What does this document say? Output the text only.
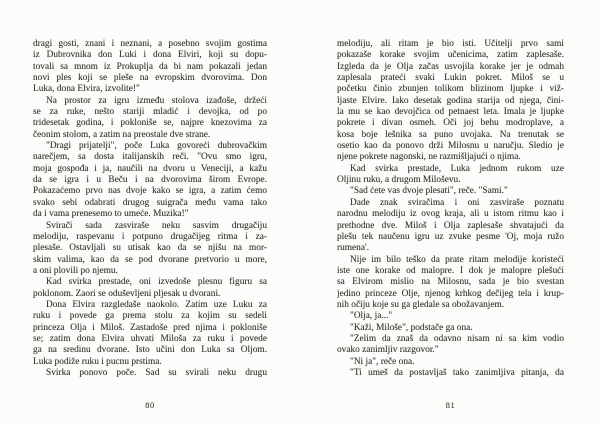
dragi gosti, znani i neznani, a posebno svojim gostima
iz Dubrovnika don Luki i dona Elviri, koji su dopu-
tovali sa mnom iz Prokuplja da bi nam pokazali jedan
novi ples koji se pleše na evropskim dvorovima. Don
Luka, dona Elvira, izvolite!"
Na prostor za igru između stolova izađoše, držeći
se za ruke, nešto stariji mladić i devojka, od po
tridesetak godina, i pokloniše se, najpre knezovima za
čeonim stolom, a zatim na preostale dve strane.
"Dragi prijatelji", poče Luka govoreći dubrovačkim
narečjem, sa dosta italijanskih reči. "Ovu smo igru,
moja gospođa i ja, naučili na dvoru u Veneciji, a kažu
da se igra i u Beču i na dvorovima širom Evrope.
Pokazaćemo prvo nas dvoje kako se igra, a zatim ćemo
svako sebi odabrati drugog suigrača među vama tako
da i vama prenesemo to umeće. Muzika!"
Svirači sada zasviraše neku sasvim drugačiju
melodiju, raspevanu i potpuno drugačijeg ritma i za-
plesaše. Ostavljali su utisak kao da se njišu na mor-
skim valima, kao da se pod dvorane pretvorio u more,
a oni plovili po njemu.
Kad svirka prestade, oni izvedoše plesnu figuru sa
poklonom. Zaori se oduševljeni pljesak u dvorani.
Dona Elvira razgledaše naokolo. Zatim uze Luku za
ruku i povede ga prema stolu za kojim su sedeli
princeza Olja i Miloš. Zastadoše pred njima i pokloniše
se; zatim dona Elvira uhvati Miloša za ruku i povede
ga na sredinu dvorane. Isto učini don Luka sa Oljom.
Luka podiže ruku i pucnu prstima.
Svirka ponovo poče. Sad su svirali neku drugu
80
melodiju, ali ritam je bio isti. Učitelji prvo sami
pokazaše korake svojim učenicima, zatim zaplesaše.
Izgleda da je Olja začas usvojila korake jer je odmah
zaplesala prateći svaki Lukin pokret. Miloš se u
početku činio zbunjen tolikom blizinom ljupke i viž-
ljaste Elvire. Iako desetak godina starija od njega, čini-
la mu se kao devojčica od petnaest leta. Imala je ljupke
pokrete i divan osmeh. Oči joj behu modroplave, a
kosa boje lešnika sa puno uvojaka. Na trenutak se
osetio kao da ponovo drži Milosnu u naručju. Sledio je
njene pokrete nagonski, ne razmišljajući o njima.
Kad svirka prestade, Luka jednom rukom uze
Oljinu ruku, a drugom Miloševu.
"Sad ćete vas dvoje plesati", reče. "Sami."
Dade znak sviračima i oni zasviraše poznatu
narodnu melodiju iz ovog kraja, ali u istom ritmu kao i
prethodne dve. Miloš i Olja zaplesaše shvatajući da
plešu tek naučenu igru uz zvuke pesme 'Oj, moja ružo
rumena'.
Nije im bilo teško da prate ritam melodije koristeći
iste one korake od malopre. I dok je malopre plešući
sa Elvirom mislio na Milosnu, sada je bio svestan
jedino princeze Olje, njenog krhkog dečijeg tela i krup-
nih očiju koje su ga gledale sa obožavanjem.
"Olja, ja..."
"Kaži, Miloše", podstače ga ona.
"Želim da znaš da odavno nisam ni sa kim vodio
ovako zanimljiv razgovor."
"Ni ja", reče ona.
"Ti umeš da postavljaš tako zanimljiva pitanja, da
81
